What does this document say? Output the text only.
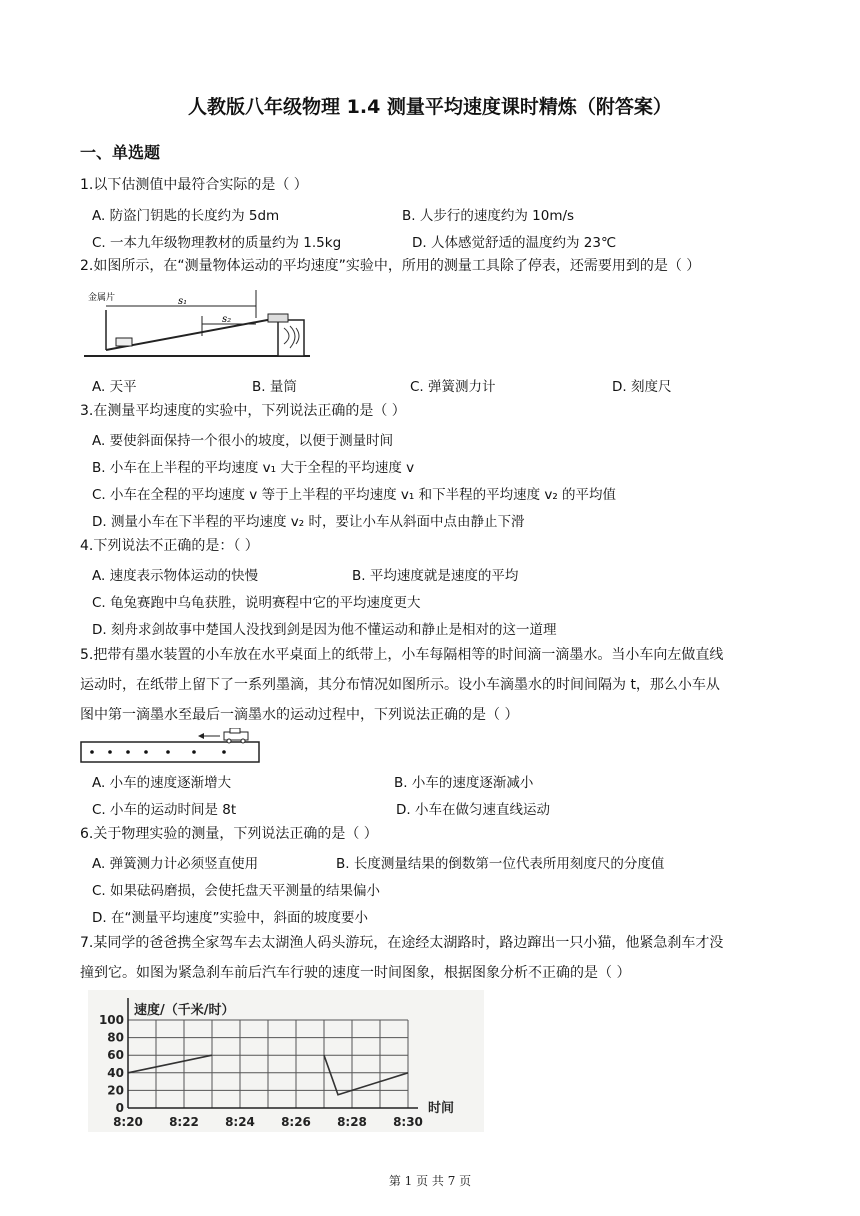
人教版八年级物理 1.4 测量平均速度课时精炼（附答案）
一、单选题
1.以下估测值中最符合实际的是（ ）
A. 防盗门钥匙的长度约为 5dm	B. 人步行的速度约为 10m/s
C. 一本九年级物理教材的质量约为 1.5kg	D. 人体感觉舒适的温度约为 23℃
2.如图所示，在“测量物体运动的平均速度”实验中，所用的测量工具除了停表，还需要用到的是（ ）
金属片	s₁
s₂
A. 天平	B. 量筒	C. 弹簧测力计	D. 刻度尺
3.在测量平均速度的实验中，下列说法正确的是（ ）
A. 要使斜面保持一个很小的坡度，以便于测量时间
B. 小车在上半程的平均速度 v₁ 大于全程的平均速度 v
C. 小车在全程的平均速度 v 等于上半程的平均速度 v₁ 和下半程的平均速度 v₂ 的平均值
D. 测量小车在下半程的平均速度 v₂ 时，要让小车从斜面中点由静止下滑
4.下列说法不正确的是：（ ）
A. 速度表示物体运动的快慢	B. 平均速度就是速度的平均
C. 龟兔赛跑中乌龟获胜，说明赛程中它的平均速度更大
D. 刻舟求剑故事中楚国人没找到剑是因为他不懂运动和静止是相对的这一道理
5.把带有墨水装置的小车放在水平桌面上的纸带上，小车每隔相等的时间滴一滴墨水。当小车向左做直线
运动时，在纸带上留下了一系列墨滴，其分布情况如图所示。设小车滴墨水的时间间隔为 t，那么小车从
图中第一滴墨水至最后一滴墨水的运动过程中，下列说法正确的是（ ）
A. 小车的速度逐渐增大	B. 小车的速度逐渐减小
C. 小车的运动时间是 8t	D. 小车在做匀速直线运动
6.关于物理实验的测量，下列说法正确的是（ ）
A. 弹簧测力计必须竖直使用	B. 长度测量结果的倒数第一位代表所用刻度尺的分度值
C. 如果砝码磨损，会使托盘天平测量的结果偏小
D. 在“测量平均速度”实验中，斜面的坡度要小
7.某同学的爸爸携全家驾车去太湖渔人码头游玩，在途经太湖路时，路边蹿出一只小猫，他紧急刹车才没
撞到它。如图为紧急刹车前后汽车行驶的速度一时间图象，根据图象分析不正确的是（ ）
0
20
40
60
80
100
8:20 8:22 8:24 8:26 8:28 8:30
速度/（千米/时）
时间
第 1 页 共 7 页
